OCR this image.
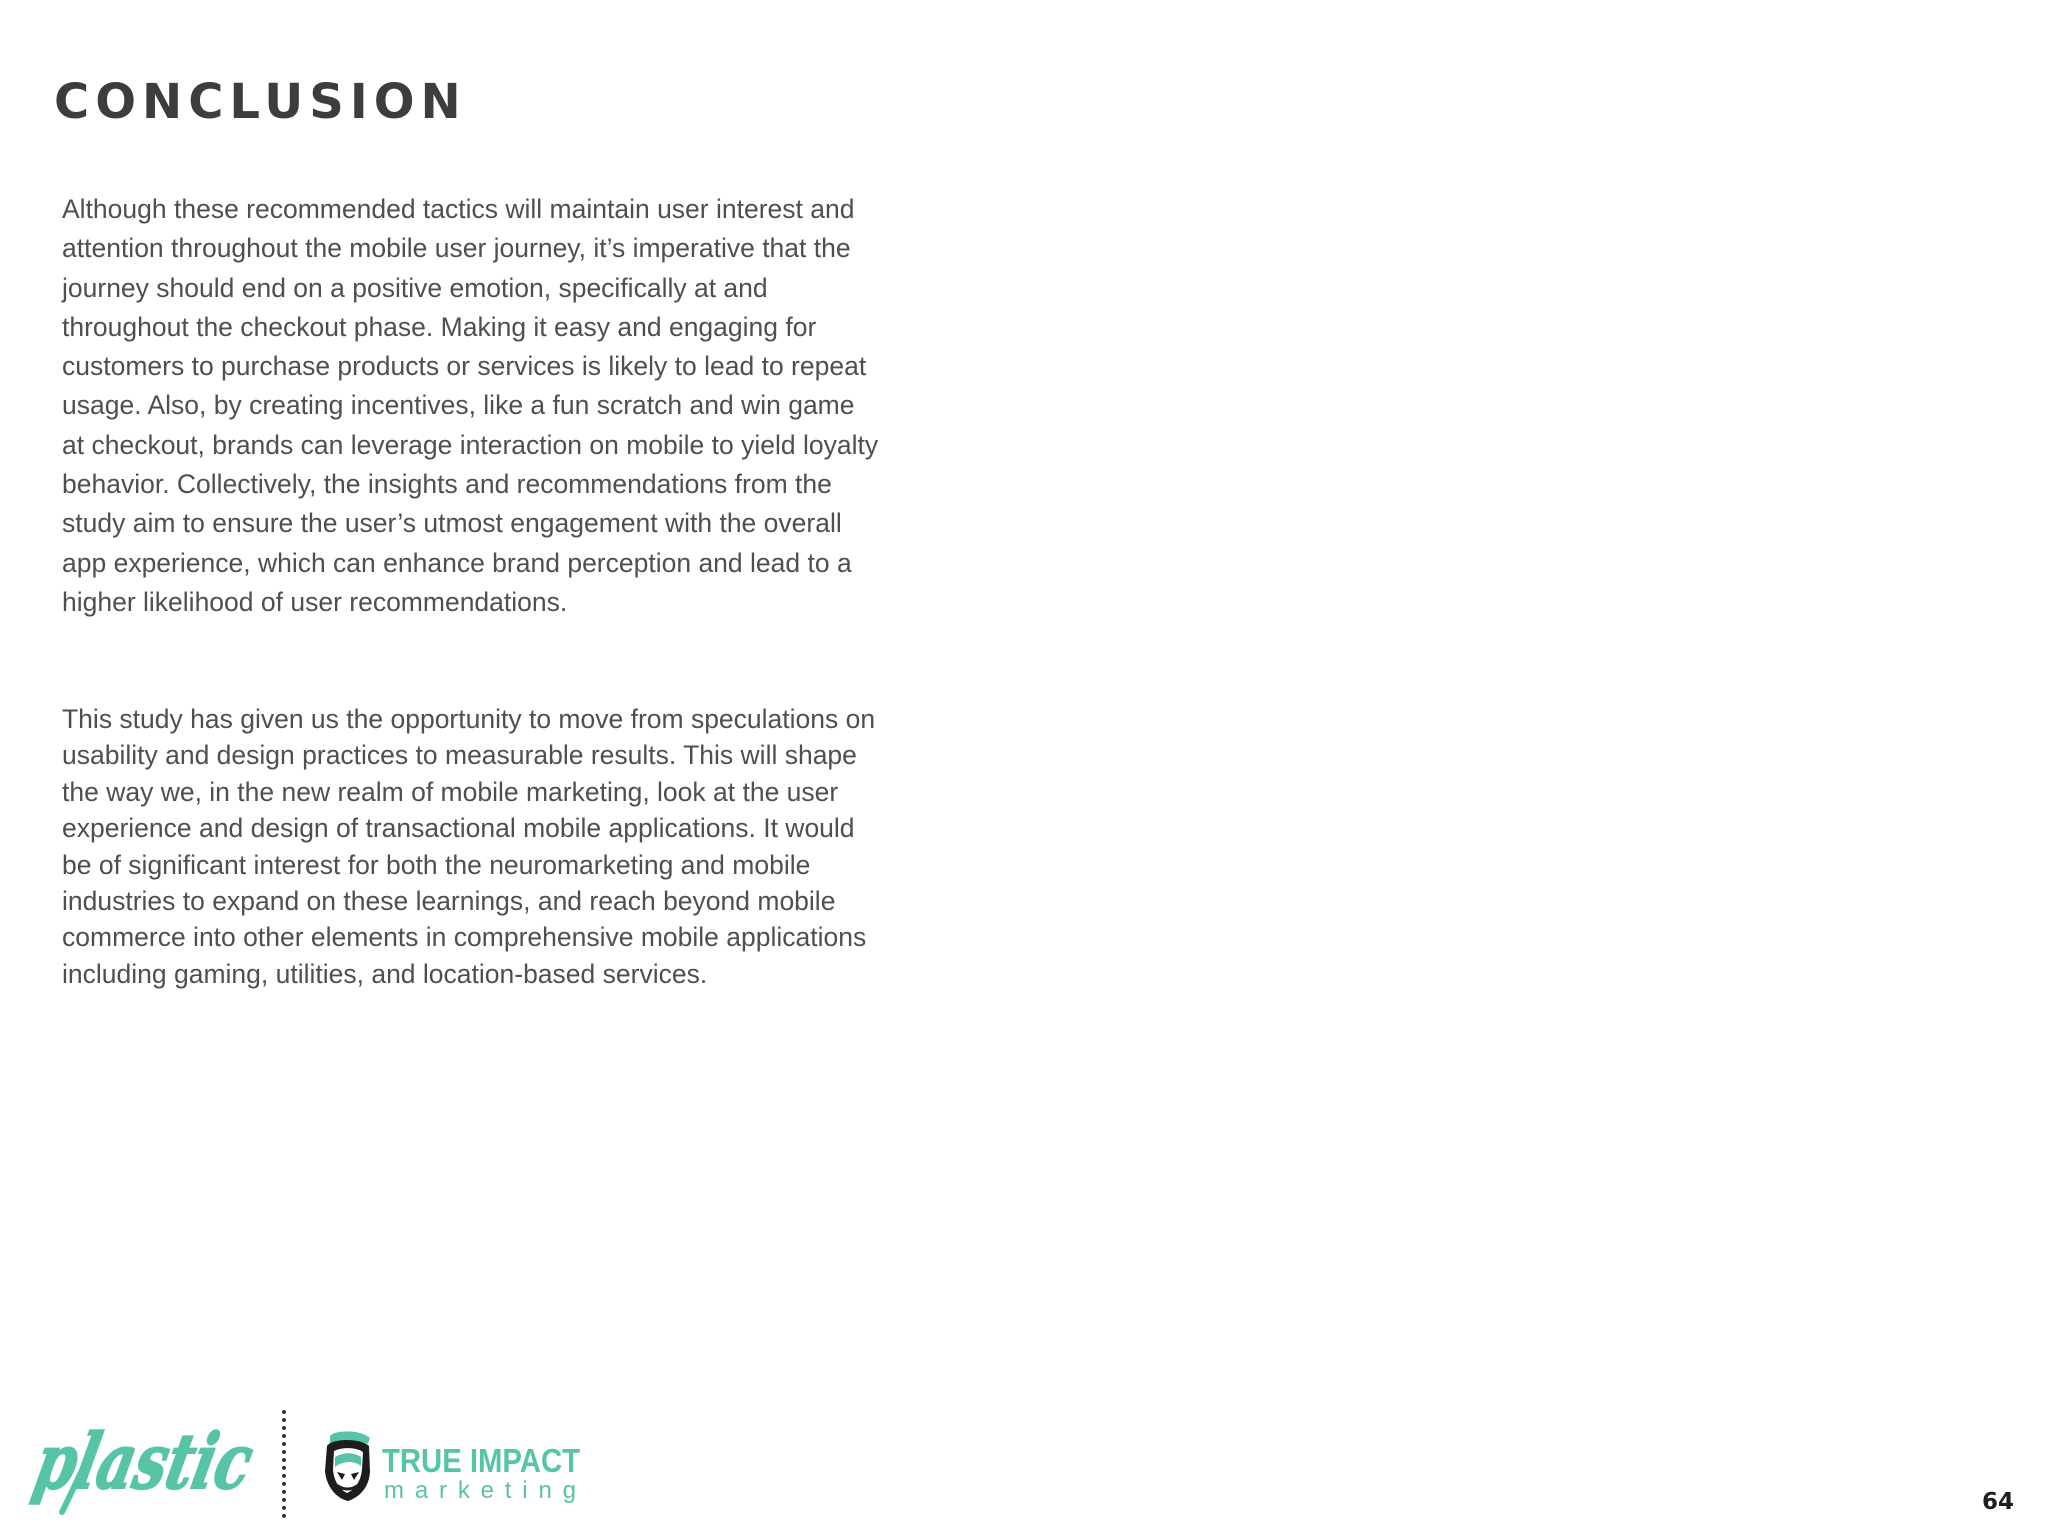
CONCLUSION

Although these recommended tactics will maintain user interest and attention throughout the mobile user journey, it’s imperative that the journey should end on a positive emotion, specifically at and throughout the checkout phase. Making it easy and engaging for customers to purchase products or services is likely to lead to repeat usage. Also, by creating incentives, like a fun scratch and win game at checkout, brands can leverage interaction on mobile to yield loyalty behavior. Collectively, the insights and recommendations from the study aim to ensure the user’s utmost engagement with the overall app experience, which can enhance brand perception and lead to a higher likelihood of user recommendations.

This study has given us the opportunity to move from speculations on usability and design practices to measurable results. This will shape the way we, in the new realm of mobile marketing, look at the user experience and design of transactional mobile applications. It would be of significant interest for both the neuromarketing and mobile industries to expand on these learnings, and reach beyond mobile commerce into other elements in comprehensive mobile applications including gaming, utilities, and location-based services.

plastic TRUE IMPACT
marketing	64
